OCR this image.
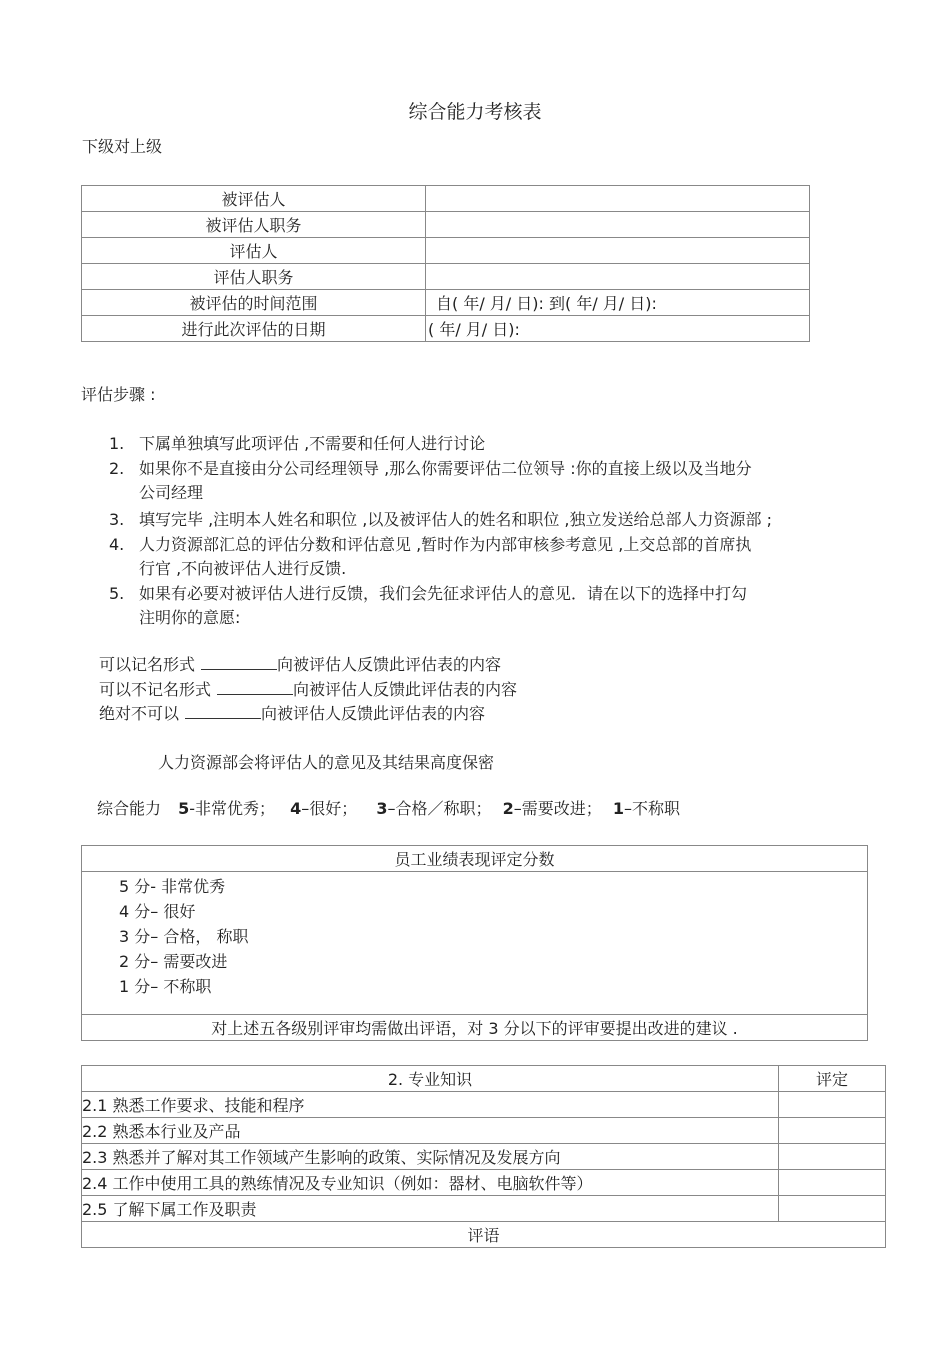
综合能力考核表
下级对上级
被评估人	
被评估人职务	
评估人	
评估人职务	
被评估的时间范围	自( 年/ 月/ 日): 到( 年/ 月/ 日):
进行此次评估的日期	( 年/ 月/ 日):
评估步骤 :
1. 下属单独填写此项评估 ,不需要和任何人进行讨论
2. 如果你不是直接由分公司经理领导 ,那么你需要评估二位领导 :你的直接上级以及当地分
公司经理
3. 填写完毕 ,注明本人姓名和职位 ,以及被评估人的姓名和职位 ,独立发送给总部人力资源部 ;
4. 人力资源部汇总的评估分数和评估意见 ,暂时作为内部审核参考意见 ,上交总部的首席执
行官 ,不向被评估人进行反馈.
5. 如果有必要对被评估人进行反馈，我们会先征求评估人的意见．请在以下的选择中打勾
注明你的意愿:
可以记名形式	向被评估人反馈此评估表的内容
可以不记名形式	向被评估人反馈此评估表的内容
绝对不可以	向被评估人反馈此评估表的内容
人力资源部会将评估人的意见及其结果高度保密
综合能力 5-非常优秀； 4–很好； 3–合格／称职； 2–需要改进； 1–不称职
员工业绩表现评定分数

5 分- 非常优秀
4 分– 很好
3 分– 合格， 称职
2 分– 需要改进
1 分– 不称职

对上述五各级别评审均需做出评语，对 3 分以下的评审要提出改进的建议 .
2. 专业知识	评定
2.1 熟悉工作要求、技能和程序	
2.2 熟悉本行业及产品	
2.3 熟悉并了解对其工作领域产生影响的政策、实际情况及发展方向	
2.4 工作中使用工具的熟练情况及专业知识（例如：器材、电脑软件等）	
2.5 了解下属工作及职责	
评语	
